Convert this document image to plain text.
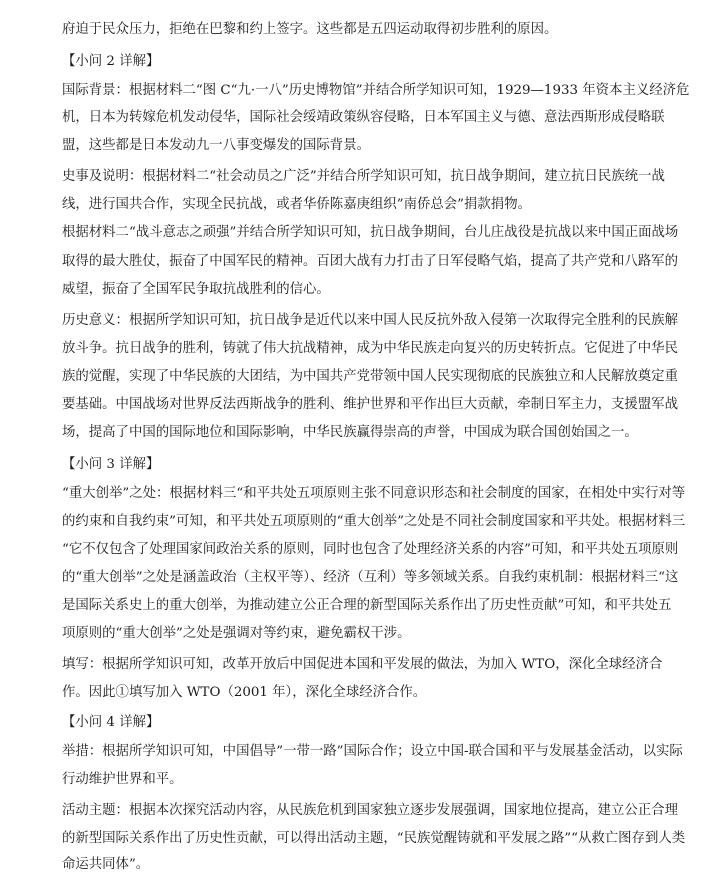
府迫于民众压力，拒绝在巴黎和约上签字。这些都是五四运动取得初步胜利的原因。
【小问 2 详解】
国际背景：根据材料二“图 C“九·一八”历史博物馆”并结合所学知识可知，1929—1933 年资本主义经济危
机，日本为转嫁危机发动侵华，国际社会绥靖政策纵容侵略，日本军国主义与德、意法西斯形成侵略联
盟，这些都是日本发动九一八事变爆发的国际背景。
史事及说明：根据材料二“社会动员之广泛”并结合所学知识可知，抗日战争期间，建立抗日民族统一战
线，进行国共合作，实现全民抗战，或者华侨陈嘉庚组织”南侨总会”捐款捐物。
根据材料二“战斗意志之顽强”并结合所学知识可知，抗日战争期间，台儿庄战役是抗战以来中国正面战场
取得的最大胜仗，振奋了中国军民的精神。百团大战有力打击了日军侵略气焰，提高了共产党和八路军的
威望，振奋了全国军民争取抗战胜利的信心。
历史意义：根据所学知识可知，抗日战争是近代以来中国人民反抗外敌入侵第一次取得完全胜利的民族解
放斗争。抗日战争的胜利，铸就了伟大抗战精神，成为中华民族走向复兴的历史转折点。它促进了中华民
族的觉醒，实现了中华民族的大团结，为中国共产党带领中国人民实现彻底的民族独立和人民解放奠定重
要基础。中国战场对世界反法西斯战争的胜利、维护世界和平作出巨大贡献，牵制日军主力，支援盟军战
场，提高了中国的国际地位和国际影响，中华民族赢得崇高的声誉，中国成为联合国创始国之一。
【小问 3 详解】
“重大创举”之处：根据材料三“和平共处五项原则主张不同意识形态和社会制度的国家，在相处中实行对等
的约束和自我约束”可知，和平共处五项原则的“重大创举”之处是不同社会制度国家和平共处。根据材料三
“它不仅包含了处理国家间政治关系的原则，同时也包含了处理经济关系的内容”可知，和平共处五项原则
的“重大创举”之处是涵盖政治（主权平等）、经济（互利）等多领域关系。自我约束机制：根据材料三“这
是国际关系史上的重大创举，为推动建立公正合理的新型国际关系作出了历史性贡献”可知，和平共处五
项原则的“重大创举”之处是强调对等约束，避免霸权干涉。
填写：根据所学知识可知，改革开放后中国促进本国和平发展的做法，为加入 WTO，深化全球经济合
作。因此①填写加入 WTO（2001 年），深化全球经济合作。
【小问 4 详解】
举措：根据所学知识可知，中国倡导”一带一路”国际合作；设立中国-联合国和平与发展基金活动，以实际
行动维护世界和平。
活动主题：根据本次探究活动内容，从民族危机到国家独立逐步发展强调，国家地位提高，建立公正合理
的新型国际关系作出了历史性贡献，可以得出活动主题，“民族觉醒铸就和平发展之路”“从救亡图存到人类
命运共同体”。
